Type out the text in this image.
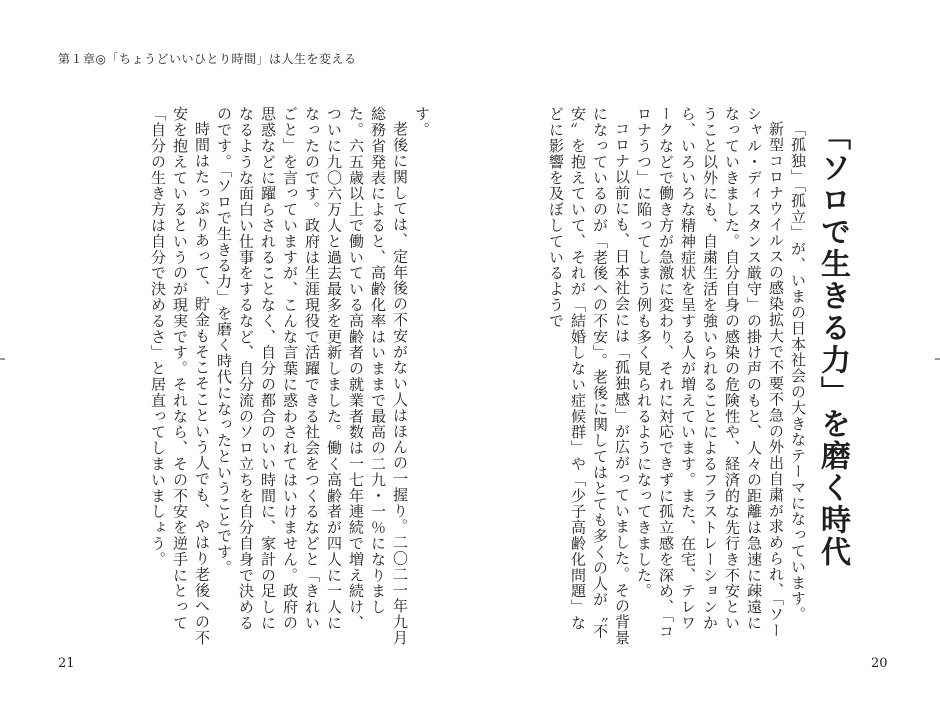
第１章◎「ちょうどいいひとり時間」は人生を変える

す。

老後に関しては、定年後の不安がない人はほんの一握り。二〇二一年九月総務省発表によると、高齢化率はいままで最高の二九・一％になりました。六五歳以上で働いている高齢者の就業者数は一七年連続で増え続け、ついに九〇六万人と過去最多を更新しました。働く高齢者が四人に一人になったのです。政府は生涯現役で活躍できる社会をつくるなどと「きれいごと」を言っていますが、こんな言葉に惑わされてはいけません。政府の思惑などに躍らされることなく、自分の都合のいい時間に、家計の足しになるような面白い仕事をするなど、自分流のソロ立ちを自分自身で決めるのです。「ソロで生きる力」を磨く時代になったということです。

時間はたっぷりあって、貯金もそこそこという人でも、やはり老後への不安を抱えているというのが現実です。それなら、その不安を逆手にとって「自分の生き方は自分で決めるさ」と居直ってしまいましょう。

21	20
「ソロで生きる力」を磨く時代

「孤独」「孤立」が、いまの日本社会の大きなテーマになっています。

新型コロナウイルスの感染拡大で不要不急の外出自粛が求められ、「ソーシャル・ディスタンス厳守」の掛け声のもと、人々の距離は急速に疎遠になっていきました。自分自身の感染の危険性や、経済的な先行き不安ということ以外にも、自粛生活を強いられることによるフラストレーションから、いろいろな精神症状を呈する人が増えています。また、在宅、テレワークなどで働き方が急激に変わり、それに対応できずに孤立感を深め、「コロナうつ」に陥ってしまう例も多く見られるようになってきました。

コロナ以前にも、日本社会には「孤独感」が広がっていました。その背景になっているのが「老後への不安」。老後に関してはとても多くの人が〝不安〟を抱えていて、それが「結婚しない症候群」や「少子高齢化問題」などに影響を及ぼしているようで
